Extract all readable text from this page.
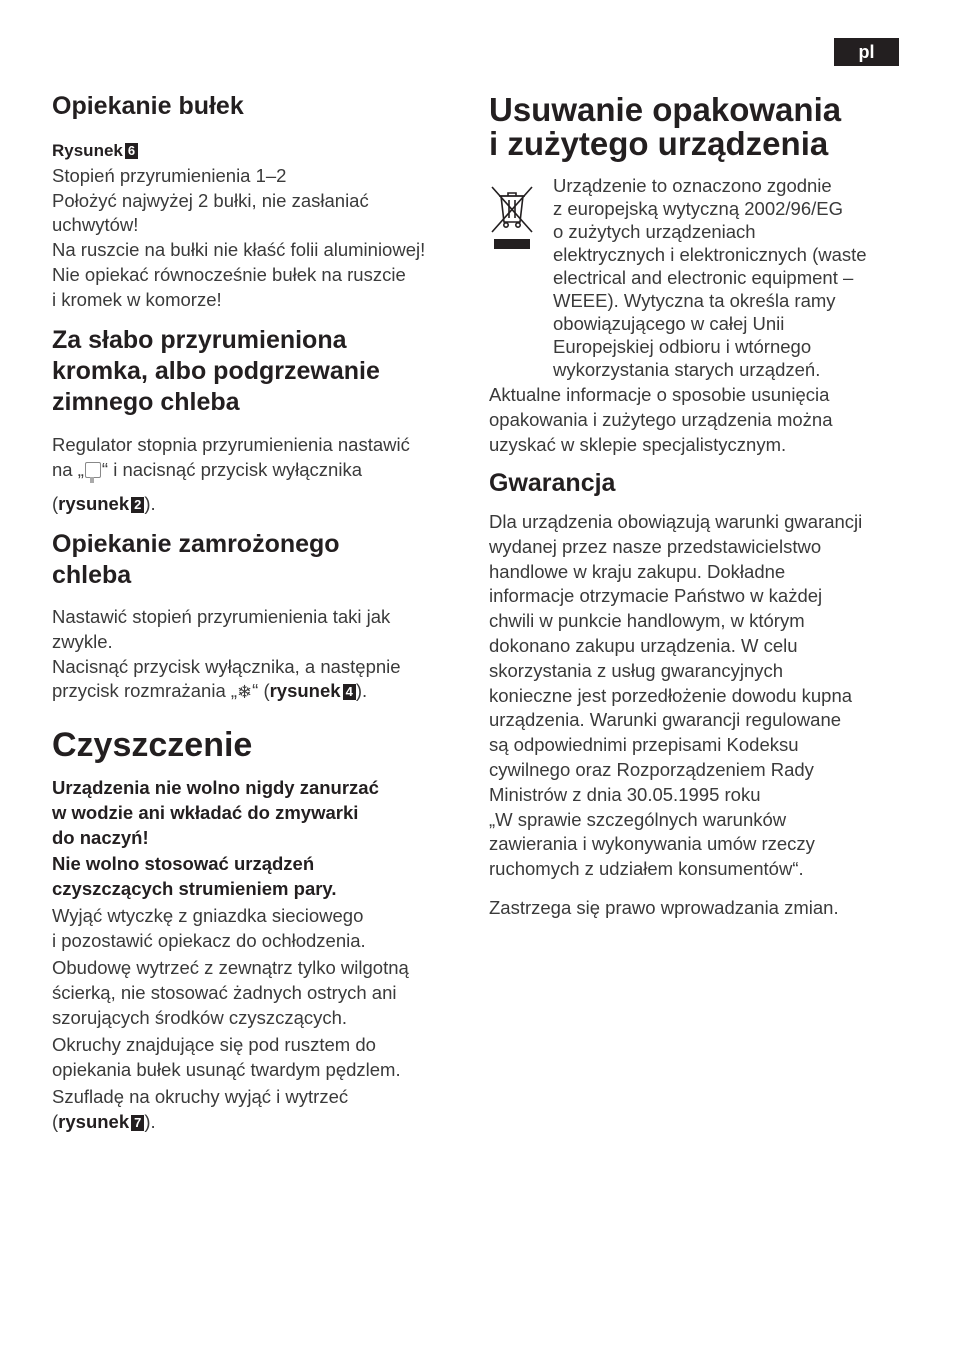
pl
Opiekanie bułek

Rysunek 6

Stopień przyrumienienia 1–2
Położyć najwyżej 2 bułki, nie zasłaniać
uchwytów!
Na ruszcie na bułki nie kłaść folii aluminiowej!
Nie opiekać równocześnie bułek na ruszcie
i kromek w komorze!

Za słabo przyrumieniona
kromka, albo podgrzewanie
zimnego chleba

Regulator stopnia przyrumienienia nastawić
na „ “ i nacisnąć przycisk wyłącznika
(rysunek 2 ).

Opiekanie zamrożonego
chleba

Nastawić stopień przyrumienienia taki jak
zwykle.
Nacisnąć przycisk wyłącznika, a następnie
przycisk rozmrażania „❄“ (rysunek 4 ).

Czyszczenie

Urządzenia nie wolno nigdy zanurzać
w wodzie ani wkładać do zmywarki
do naczyń!

Nie wolno stosować urządzeń
czyszczących strumieniem pary.

Wyjąć wtyczkę z gniazdka sieciowego
i pozostawić opiekacz do ochłodzenia.

Obudowę wytrzeć z zewnątrz tylko wilgotną
ścierką, nie stosować żadnych ostrych ani
szorujących środków czyszczących.

Okruchy znajdujące się pod rusztem do
opiekania bułek usunąć twardym pędzlem.

Szufladę na okruchy wyjąć i wytrzeć
(rysunek 7 ).

Usuwanie opakowania
i zużytego urządzenia

Aktualne informacje o sposobie usunięcia
opakowania i zużytego urządzenia można
uzyskać w sklepie specjalistycznym.

Gwarancja

Dla urządzenia obowiązują warunki gwarancji
wydanej przez nasze przedstawicielstwo
handlowe w kraju zakupu. Dokładne
informacje otrzymacie Państwo w każdej
chwili w punkcie handlowym, w którym
dokonano zakupu urządzenia. W celu
skorzystania z usług gwarancyjnych
konieczne jest porzedłożenie dowodu kupna
urządzenia. Warunki gwarancji regulowane
są odpowiednimi przepisami Kodeksu
cywilnego oraz Rozporządzeniem Rady
Ministrów z dnia 30.05.1995 roku
„W sprawie szczególnych warunków
zawierania i wykonywania umów rzeczy
ruchomych z udziałem konsumentów“.

Zastrzega się prawo wprowadzania zmian.

Urządzenie to oznaczono zgodnie
z europejską wytyczną 2002/96/EG
o zużytych urządzeniach
elektrycznych i elektronicznych (waste
electrical and electronic equipment –
WEEE). Wytyczna ta określa ramy
obowiązującego w całej Unii
Europejskiej odbioru i wtórnego
wykorzystania starych urządzeń.
